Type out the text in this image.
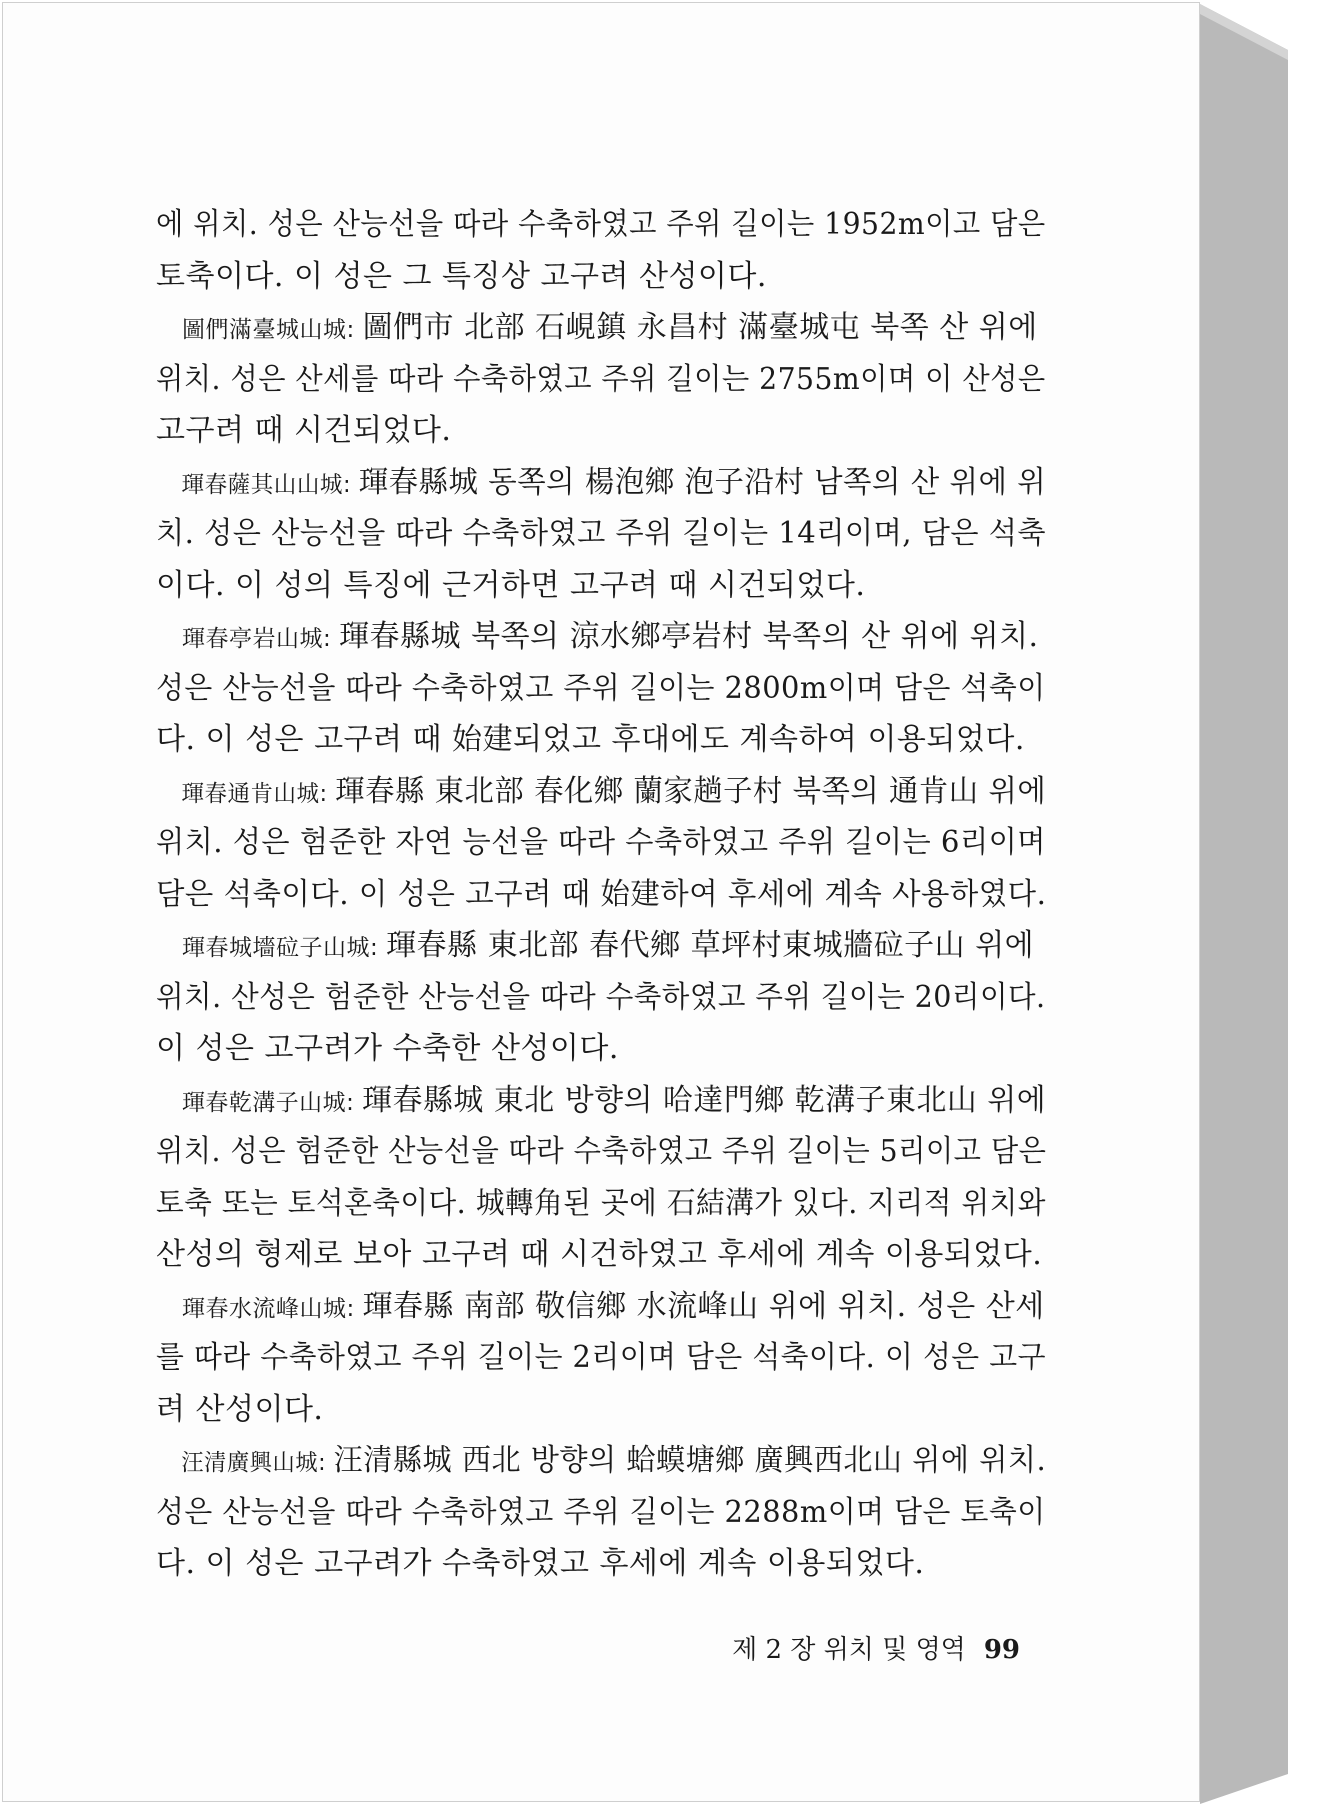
에 위치. 성은 산능선을 따라 수축하였고 주위 길이는 1952m이고 담은
토축이다. 이 성은 그 특징상 고구려 산성이다.
圖們滿臺城山城: 圖們市 北部 石峴鎮 永昌村 滿臺城屯 북쪽 산 위에
위치. 성은 산세를 따라 수축하였고 주위 길이는 2755m이며 이 산성은
고구려 때 시건되었다.
琿春薩其山山城: 琿春縣城 동쪽의 楊泡鄉 泡子沿村 남쪽의 산 위에 위
치. 성은 산능선을 따라 수축하였고 주위 길이는 14리이며, 담은 석축
이다. 이 성의 특징에 근거하면 고구려 때 시건되었다.
琿春亭岩山城: 琿春縣城 북쪽의 涼水鄉亭岩村 북쪽의 산 위에 위치.
성은 산능선을 따라 수축하였고 주위 길이는 2800m이며 담은 석축이
다. 이 성은 고구려 때 始建되었고 후대에도 계속하여 이용되었다.
琿春通肯山城: 琿春縣 東北部 春化鄉 蘭家趟子村 북쪽의 通肯山 위에
위치. 성은 험준한 자연 능선을 따라 수축하였고 주위 길이는 6리이며
담은 석축이다. 이 성은 고구려 때 始建하여 후세에 계속 사용하였다.
琿春城墻砬子山城: 琿春縣 東北部 春代鄉 草坪村東城牆砬子山 위에
위치. 산성은 험준한 산능선을 따라 수축하였고 주위 길이는 20리이다.
이 성은 고구려가 수축한 산성이다.
琿春乾溝子山城: 琿春縣城 東北 방향의 哈達門鄉 乾溝子東北山 위에
위치. 성은 험준한 산능선을 따라 수축하였고 주위 길이는 5리이고 담은
토축 또는 토석혼축이다. 城轉角된 곳에 石結溝가 있다. 지리적 위치와
산성의 형제로 보아 고구려 때 시건하였고 후세에 계속 이용되었다.
琿春水流峰山城: 琿春縣 南部 敬信鄉 水流峰山 위에 위치. 성은 산세
를 따라 수축하였고 주위 길이는 2리이며 담은 석축이다. 이 성은 고구
려 산성이다.
汪清廣興山城: 汪清縣城 西北 방향의 蛤蟆塘鄉 廣興西北山 위에 위치.
성은 산능선을 따라 수축하였고 주위 길이는 2288m이며 담은 토축이
다. 이 성은 고구려가 수축하였고 후세에 계속 이용되었다.
제 2 장 위치 및 영역 99
